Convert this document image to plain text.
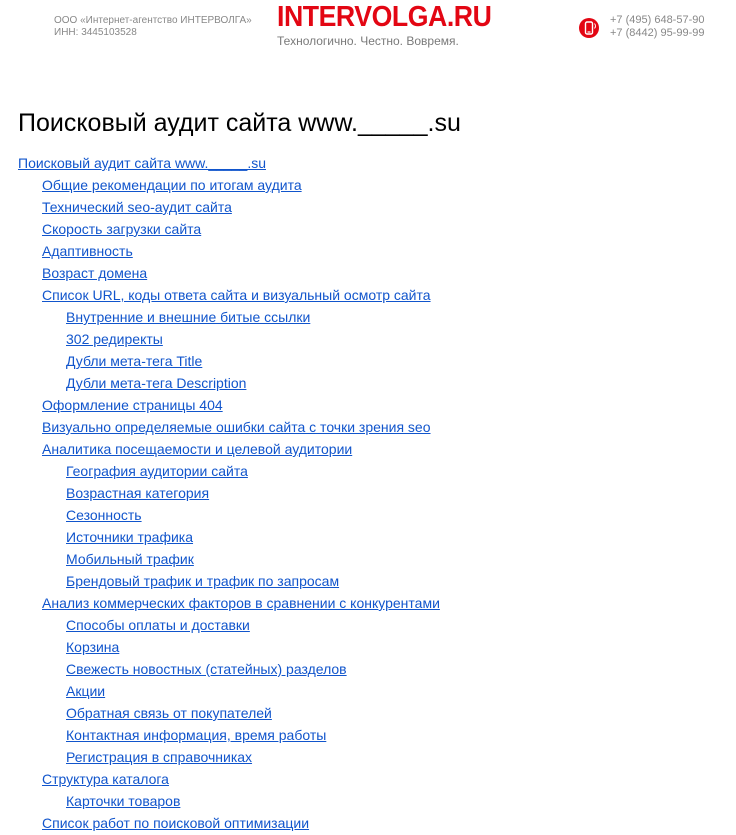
ООО «Интернет-агентство ИНТЕРВОЛГА»
ИНН: 3445103528	INTERVOLGA.RU
Технологично. Честно. Вовремя.
+7 (495) 648-57-90
+7 (8442) 95-99-99
Поисковый аудит сайта www._____.su
Поисковый аудит сайта www._____.su
Общие рекомендации по итогам аудита
Технический seo-аудит сайта
Скорость загрузки сайта
Адаптивность
Возраст домена
Список URL, коды ответа сайта и визуальный осмотр сайта
Внутренние и внешние битые ссылки
302 редиректы
Дубли мета-тега Title
Дубли мета-тега Description
Оформление страницы 404
Визуально определяемые ошибки сайта с точки зрения seo
Аналитика посещаемости и целевой аудитории
География аудитории сайта
Возрастная категория
Сезонность
Источники трафика
Мобильный трафик
Брендовый трафик и трафик по запросам
Анализ коммерческих факторов в сравнении с конкурентами
Способы оплаты и доставки
Корзина
Свежесть новостных (статейных) разделов
Акции
Обратная связь от покупателей
Контактная информация, время работы
Регистрация в справочниках
Структура каталога
Карточки товаров
Список работ по поисковой оптимизации
